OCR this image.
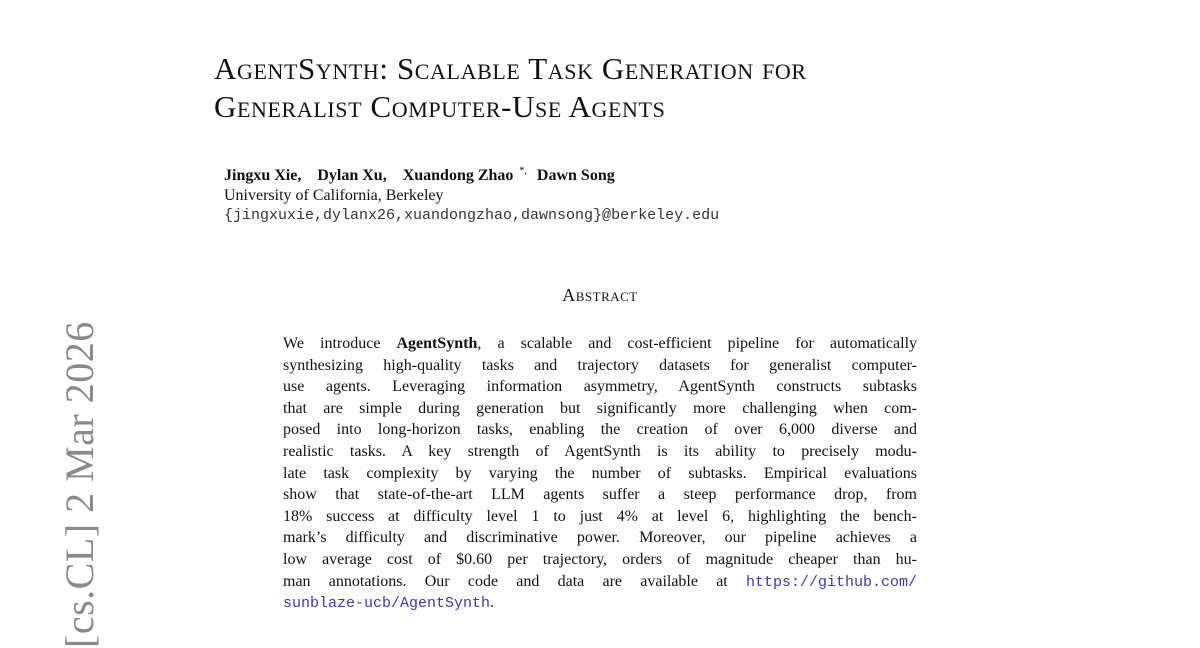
[cs.CL] 2 Mar 2026
AgentSynth: Scalable Task Generation for
Generalist Computer-Use Agents
Jingxu Xie, Dylan Xu, Xuandong Zhao *, Dawn Song
University of California, Berkeley
{jingxuxie,dylanx26,xuandongzhao,dawnsong}@berkeley.edu
Abstract
We introduce AgentSynth, a scalable and cost-efficient pipeline for automatically
synthesizing high-quality tasks and trajectory datasets for generalist computer-
use agents. Leveraging information asymmetry, AgentSynth constructs subtasks
that are simple during generation but significantly more challenging when com-
posed into long-horizon tasks, enabling the creation of over 6,000 diverse and
realistic tasks. A key strength of AgentSynth is its ability to precisely modu-
late task complexity by varying the number of subtasks. Empirical evaluations
show that state-of-the-art LLM agents suffer a steep performance drop, from
18% success at difficulty level 1 to just 4% at level 6, highlighting the bench-
mark’s difficulty and discriminative power. Moreover, our pipeline achieves a
low average cost of $0.60 per trajectory, orders of magnitude cheaper than hu-
man annotations. Our code and data are available at https://github.com/
sunblaze-ucb/AgentSynth.
